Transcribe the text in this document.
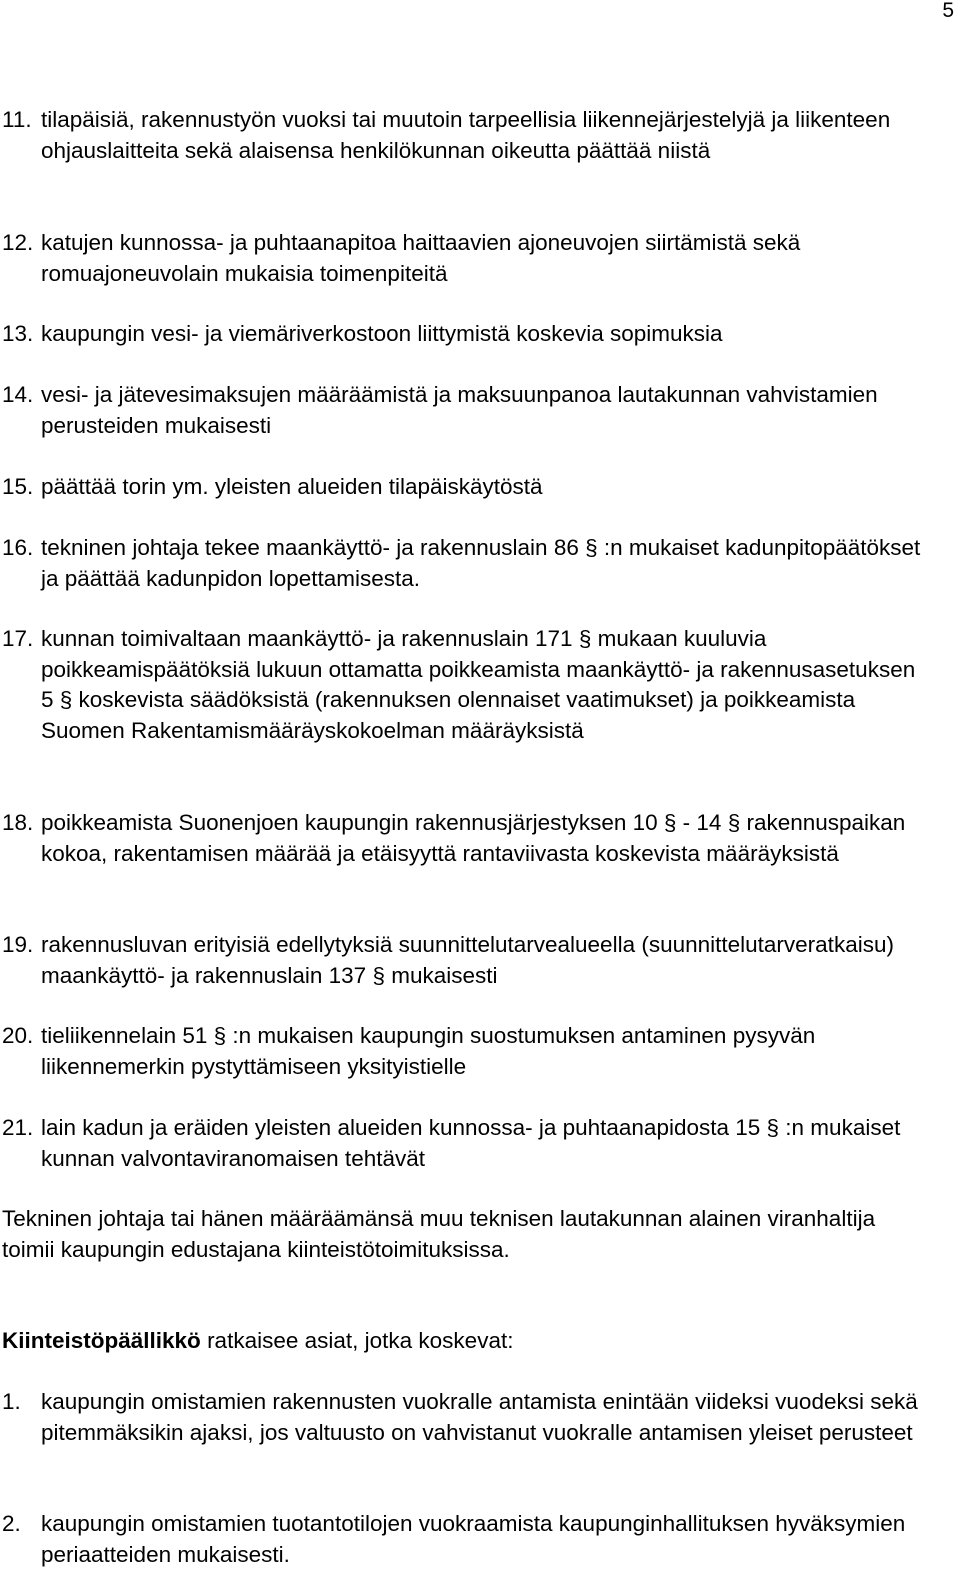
5
11. tilapäisiä, rakennustyön vuoksi tai muutoin tarpeellisia liikennejärjestelyjä ja liikenteen ohjauslaitteita sekä alaisensa henkilökunnan oikeutta päättää niistä
12. katujen kunnossa- ja puhtaanapitoa haittaavien ajoneuvojen siirtämistä sekä romuajoneuvolain mukaisia toimenpiteitä
13. kaupungin vesi- ja viemäriverkostoon liittymistä koskevia sopimuksia
14. vesi- ja jätevesimaksujen määräämistä ja maksuunpanoa lautakunnan vahvistamien perusteiden mukaisesti
15. päättää torin ym. yleisten alueiden tilapäiskäytöstä
16. tekninen johtaja tekee maankäyttö- ja rakennuslain 86 § :n mukaiset kadunpitopäätökset ja päättää kadunpidon lopettamisesta.
17. kunnan toimivaltaan maankäyttö- ja rakennuslain 171 § mukaan kuuluvia poikkeamispäätöksiä lukuun ottamatta poikkeamista maankäyttö- ja rakennusasetuksen 5 § koskevista säädöksistä (rakennuksen olennaiset vaatimukset) ja poikkeamista Suomen Rakentamismääräyskokoelman määräyksistä
18. poikkeamista Suonenjoen kaupungin rakennusjärjestyksen 10 § - 14 § rakennuspaikan kokoa, rakentamisen määrää ja etäisyyttä rantaviivasta koskevista määräyksistä
19. rakennusluvan erityisiä edellytyksiä suunnittelutarvealueella (suunnittelutarveratkaisu) maankäyttö- ja rakennuslain 137 § mukaisesti
20. tieliikennelain 51 § :n mukaisen kaupungin suostumuksen antaminen pysyvän liikennemerkin pystyttämiseen yksityistielle
21. lain kadun ja eräiden yleisten alueiden kunnossa- ja puhtaanapidosta 15 § :n mukaiset kunnan valvontaviranomaisen tehtävät
Tekninen johtaja tai hänen määräämänsä muu teknisen lautakunnan alainen viranhaltija toimii kaupungin edustajana kiinteistötoimituksissa.
Kiinteistöpäällikkö ratkaisee asiat, jotka koskevat:
1. kaupungin omistamien rakennusten vuokralle antamista enintään viideksi vuodeksi sekä pitemmäksikin ajaksi, jos valtuusto on vahvistanut vuokralle antamisen yleiset perusteet
2. kaupungin omistamien tuotantotilojen vuokraamista kaupunginhallituksen hyväksymien periaatteiden mukaisesti.
